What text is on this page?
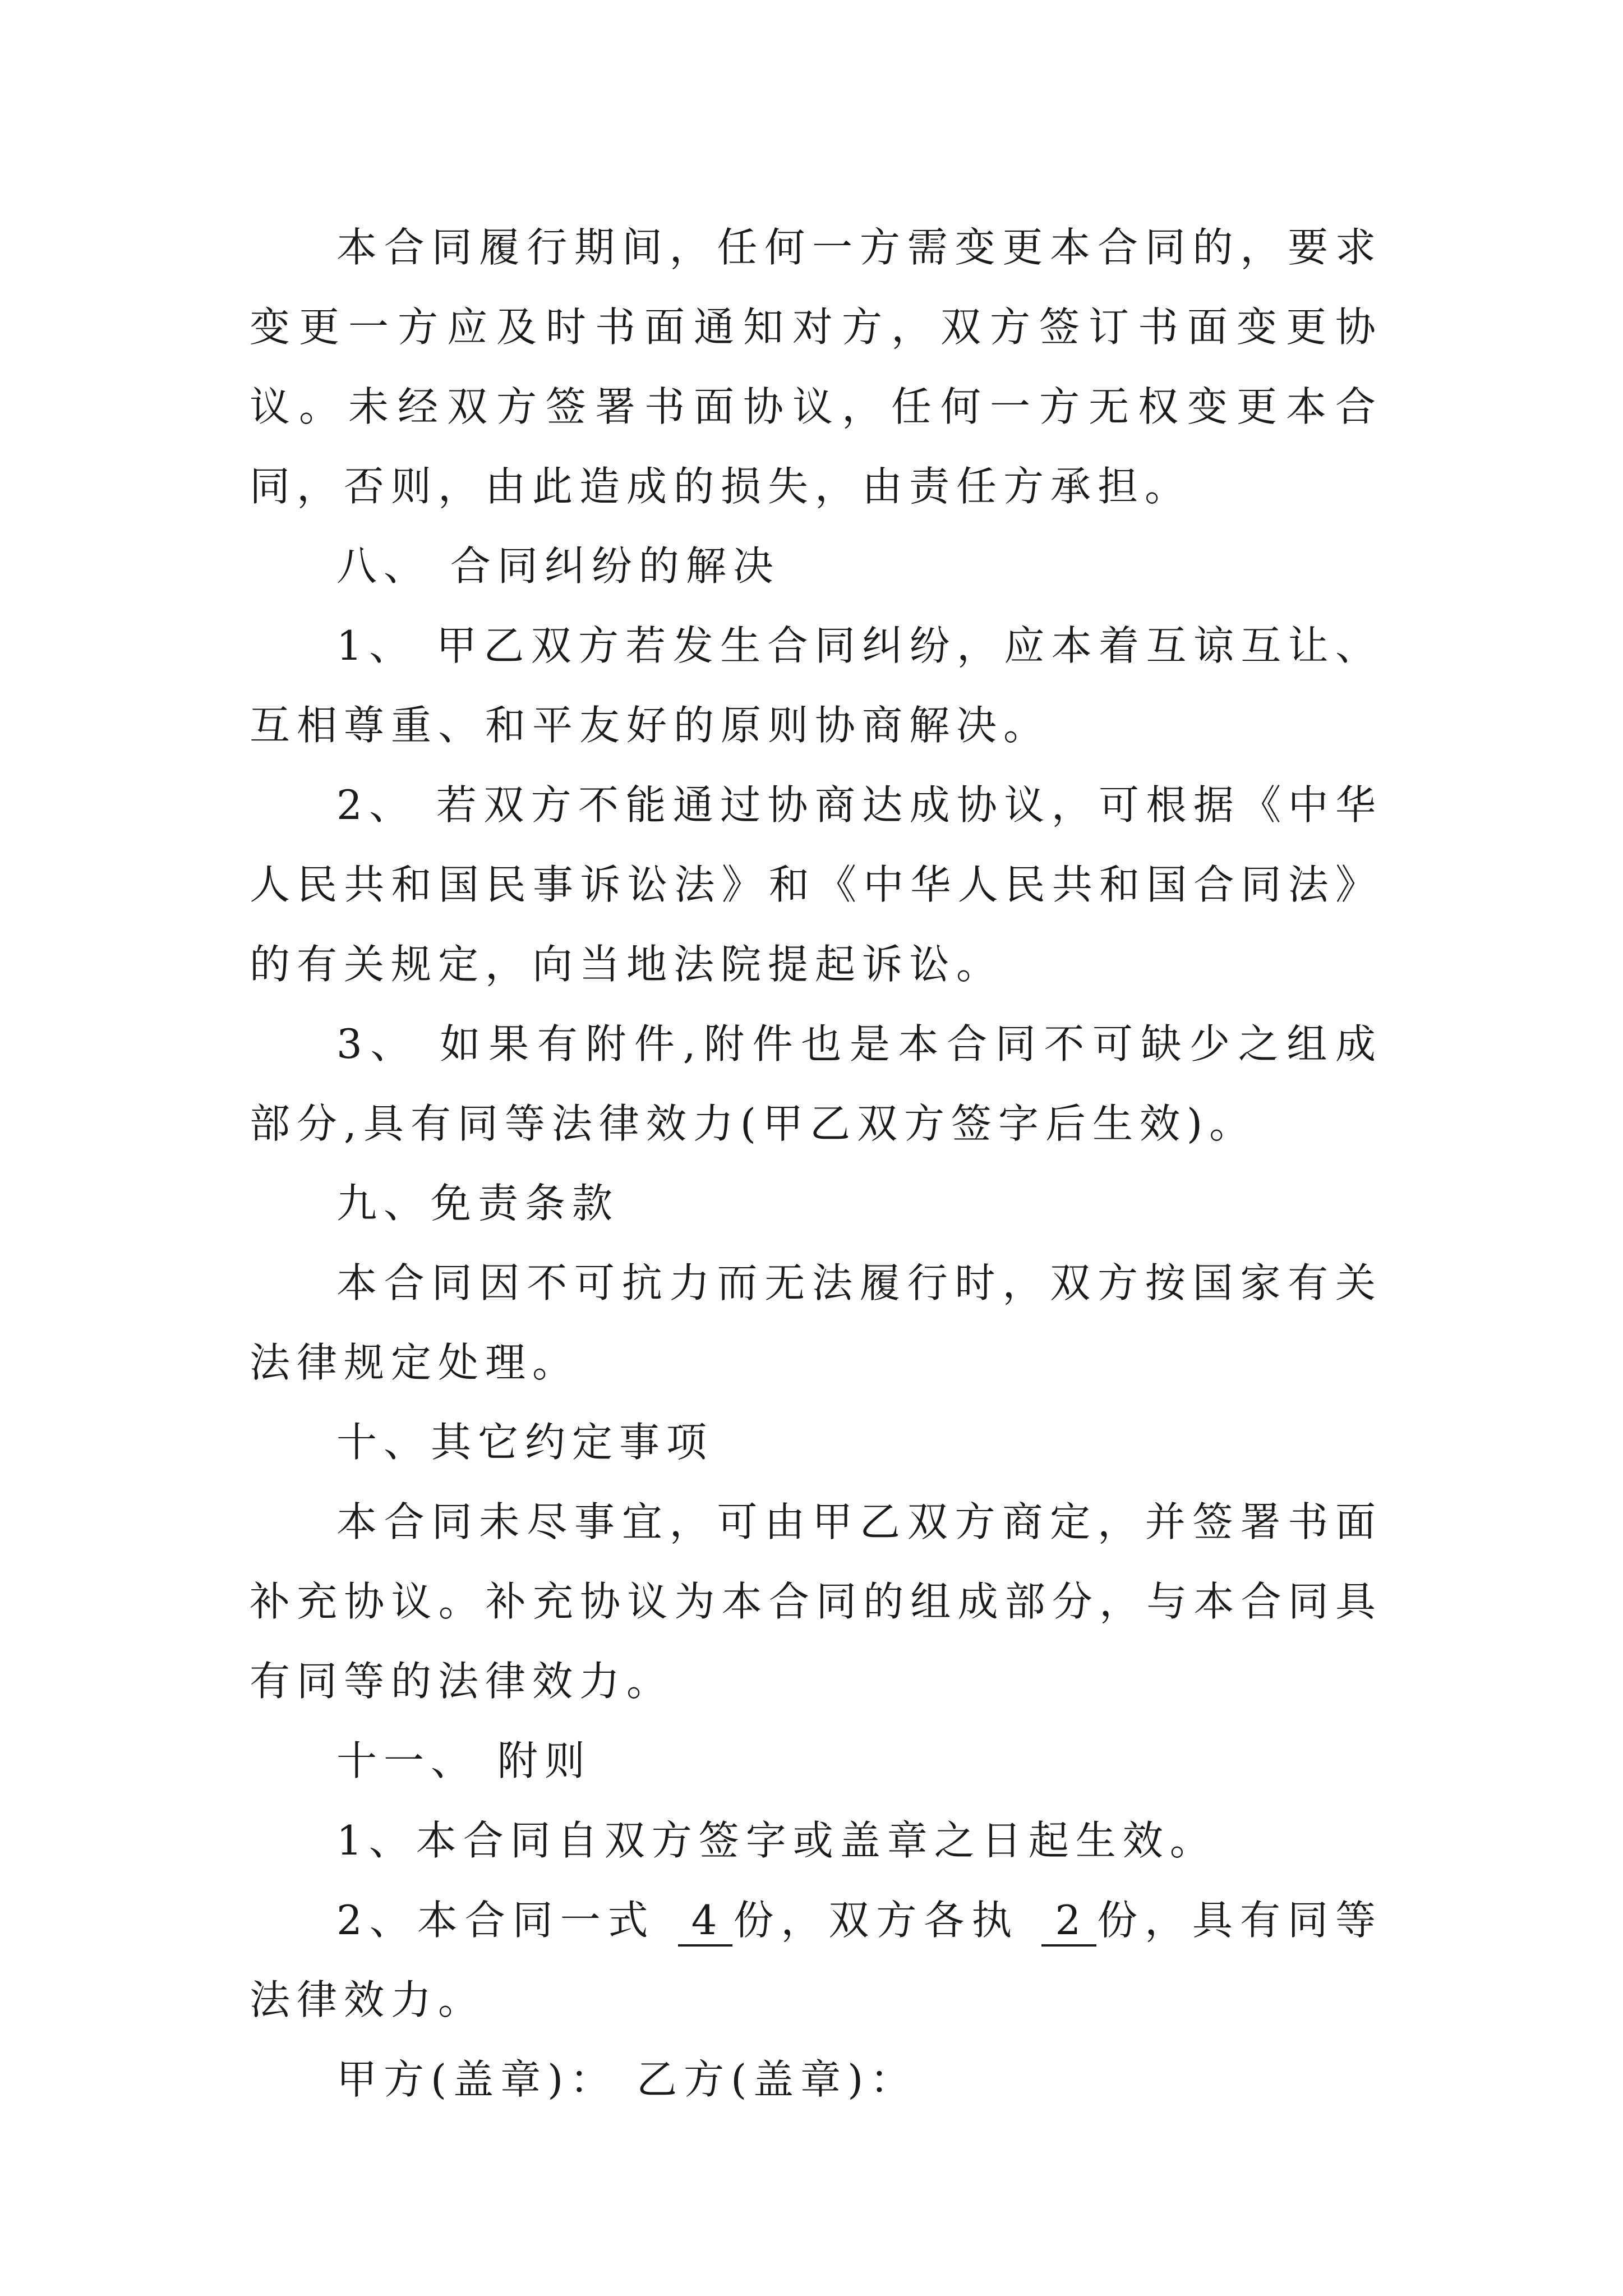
本合同履行期间，任何一方需变更本合同的，要求变更一方应及时书面通知对方，双方签订书面变更协议。未经双方签署书面协议，任何一方无权变更本合同，否则，由此造成的损失，由责任方承担。

八、 合同纠纷的解决

1、 甲乙双方若发生合同纠纷，应本着互谅互让、互相尊重、和平友好的原则协商解决。

2、 若双方不能通过协商达成协议，可根据《中华人民共和国民事诉讼法》和《中华人民共和国合同法》的有关规定，向当地法院提起诉讼。

3、 如果有附件,附件也是本合同不可缺少之组成部分,具有同等法律效力(甲乙双方签字后生效)。

九、免责条款

本合同因不可抗力而无法履行时，双方按国家有关法律规定处理。

十、其它约定事项

本合同未尽事宜，可由甲乙双方商定，并签署书面补充协议。补充协议为本合同的组成部分，与本合同具有同等的法律效力。

十一、 附则

1、本合同自双方签字或盖章之日起生效。

2、本合同一式 4 份，双方各执 2 份，具有同等法律效力。

甲方(盖章)： 乙方(盖章)：
